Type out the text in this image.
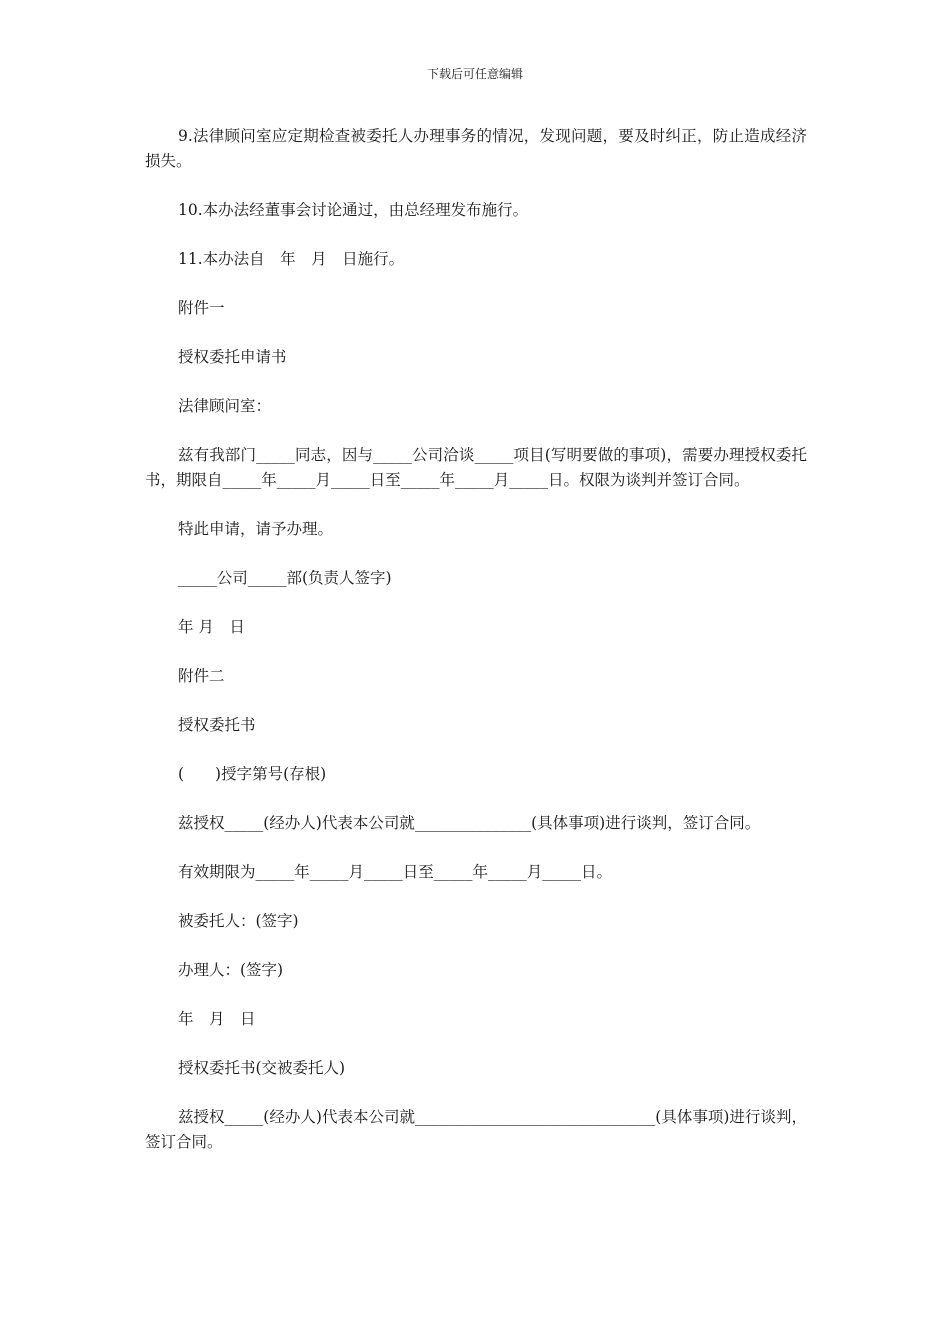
下载后可任意编辑

9.法律顾问室应定期检查被委托人办理事务的情况，发现问题，要及时纠正，防止造成经济损失。

10.本办法经董事会讨论通过，由总经理发布施行。

11.本办法自　年　月　日施行。

附件一

授权委托申请书

法律顾问室：

兹有我部门_____同志，因与_____公司洽谈_____项目(写明要做的事项)，需要办理授权委托书，期限自_____年_____月_____日至_____年_____月_____日。权限为谈判并签订合同。

特此申请，请予办理。

_____公司_____部(负责人签字)

年 月　日

附件二

授权委托书

(　　)授字第号(存根)

兹授权_____(经办人)代表本公司就_______________(具体事项)进行谈判，签订合同。

有效期限为_____年_____月_____日至_____年_____月_____日。

被委托人：(签字)

办理人：(签字)

年　月　日

授权委托书(交被委托人)

兹授权_____(经办人)代表本公司就_______________________________(具体事项)进行谈判，签订合同。
